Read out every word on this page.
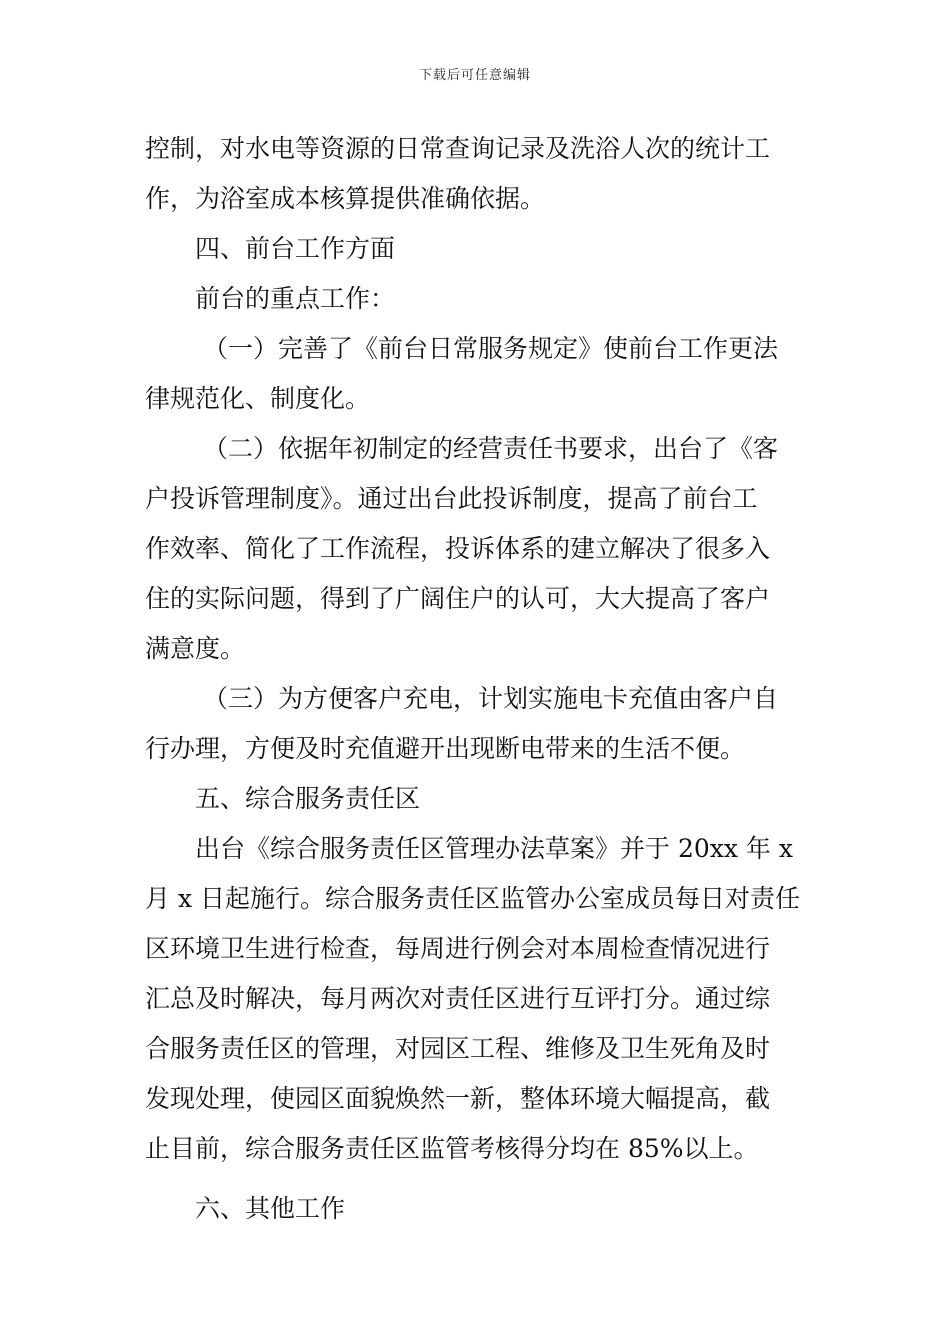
下载后可任意编辑
控制，对水电等资源的日常查询记录及洗浴人次的统计工
作，为浴室成本核算提供准确依据。
四、前台工作方面
前台的重点工作：
（一）完善了《前台日常服务规定》使前台工作更法
律规范化、制度化。
（二）依据年初制定的经营责任书要求，出台了《客
户投诉管理制度》。通过出台此投诉制度，提高了前台工
作效率、简化了工作流程，投诉体系的建立解决了很多入
住的实际问题，得到了广阔住户的认可，大大提高了客户
满意度。
（三）为方便客户充电，计划实施电卡充值由客户自
行办理，方便及时充值避开出现断电带来的生活不便。
五、综合服务责任区
出台《综合服务责任区管理办法草案》并于 20xx 年 x
月 x 日起施行。综合服务责任区监管办公室成员每日对责任
区环境卫生进行检查，每周进行例会对本周检查情况进行
汇总及时解决，每月两次对责任区进行互评打分。通过综
合服务责任区的管理，对园区工程、维修及卫生死角及时
发现处理，使园区面貌焕然一新，整体环境大幅提高，截
止目前，综合服务责任区监管考核得分均在 85%以上。
六、其他工作
